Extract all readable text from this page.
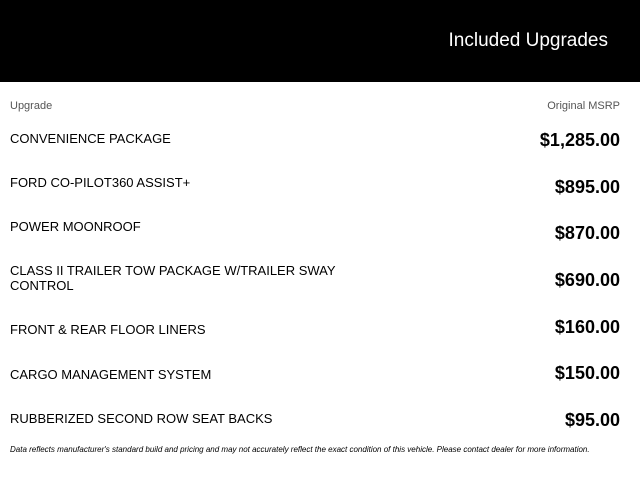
Included Upgrades
Upgrade	Original MSRP
CONVENIENCE PACKAGE	$1,285.00
FORD CO-PILOT360 ASSIST+	$895.00
POWER MOONROOF	$870.00
CLASS II TRAILER TOW PACKAGE W/TRAILER SWAY CONTROL	$690.00
FRONT & REAR FLOOR LINERS	$160.00
CARGO MANAGEMENT SYSTEM	$150.00
RUBBERIZED SECOND ROW SEAT BACKS	$95.00
Data reflects manufacturer's standard build and pricing and may not accurately reflect the exact condition of this vehicle. Please contact dealer for more information.
